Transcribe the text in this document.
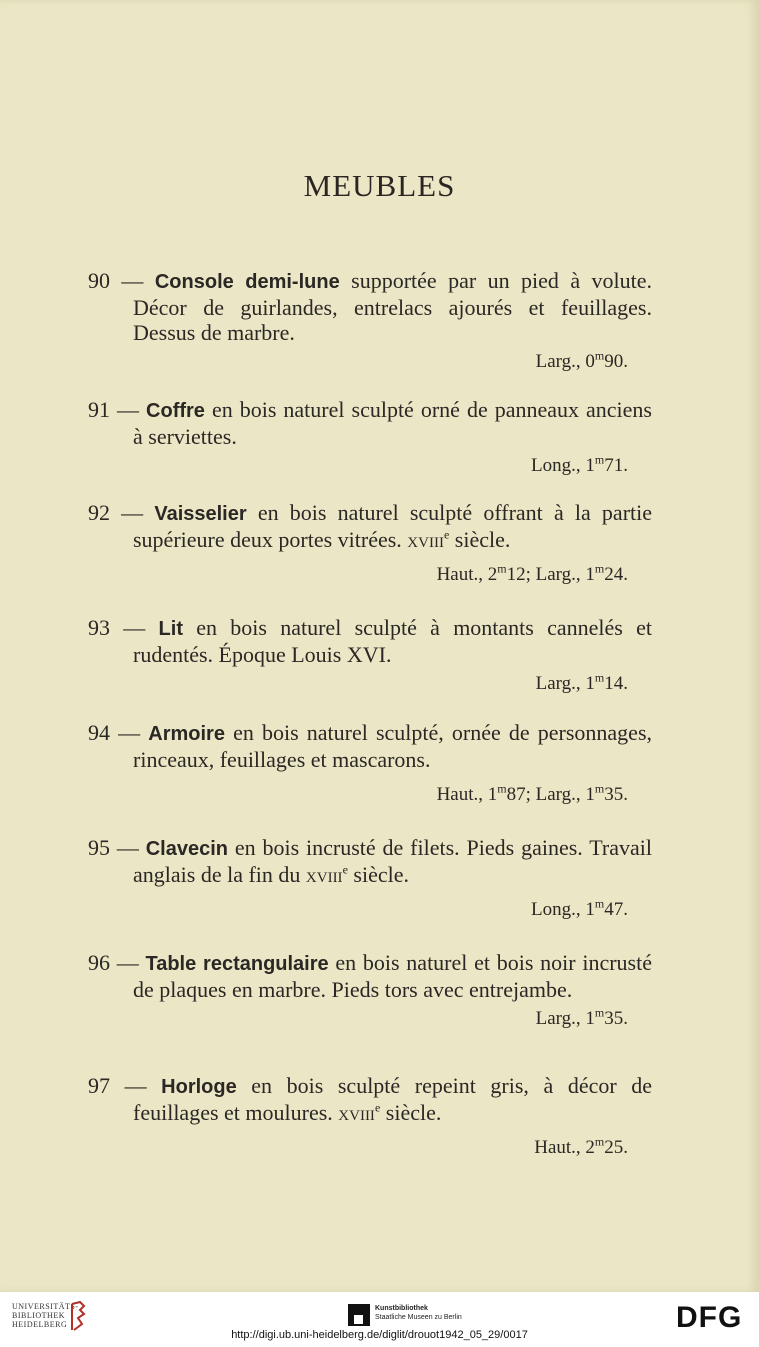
MEUBLES
90 — Console demi-lune supportée par un pied à volute. Décor de guirlandes, entrelacs ajourés et feuillages. Dessus de marbre.
Larg., 0$^m$90.
91 — Coffre en bois naturel sculpté orné de panneaux anciens à serviettes.
Long., 1$^m$71.
92 — Vaisselier en bois naturel sculpté offrant à la partie supérieure deux portes vitrées. xviii$^e$ siècle.
Haut., 2$^m$12; Larg., 1$^m$24.
93 — Lit en bois naturel sculpté à montants cannelés et rudentés. Époque Louis XVI.
Larg., 1$^m$14.
94 — Armoire en bois naturel sculpté, ornée de personnages, rinceaux, feuillages et mascarons.
Haut., 1$^m$87; Larg., 1$^m$35.
95 — Clavecin en bois incrusté de filets. Pieds gaines. Travail anglais de la fin du xviii$^e$ siècle.
Long., 1$^m$47.
96 — Table rectangulaire en bois naturel et bois noir incrusté de plaques en marbre. Pieds tors avec entrejambe.
Larg., 1$^m$35.
97 — Horloge en bois sculpté repeint gris, à décor de feuillages et moulures. xviii$^e$ siècle.
Haut., 2$^m$25.
UNIVERSITÄTS- BIBLIOTHEK HEIDELBERG
Kunstbibliothek
Staatliche Museen zu Berlin	DFG
http://digi.ub.uni-heidelberg.de/diglit/drouot1942_05_29/0017
